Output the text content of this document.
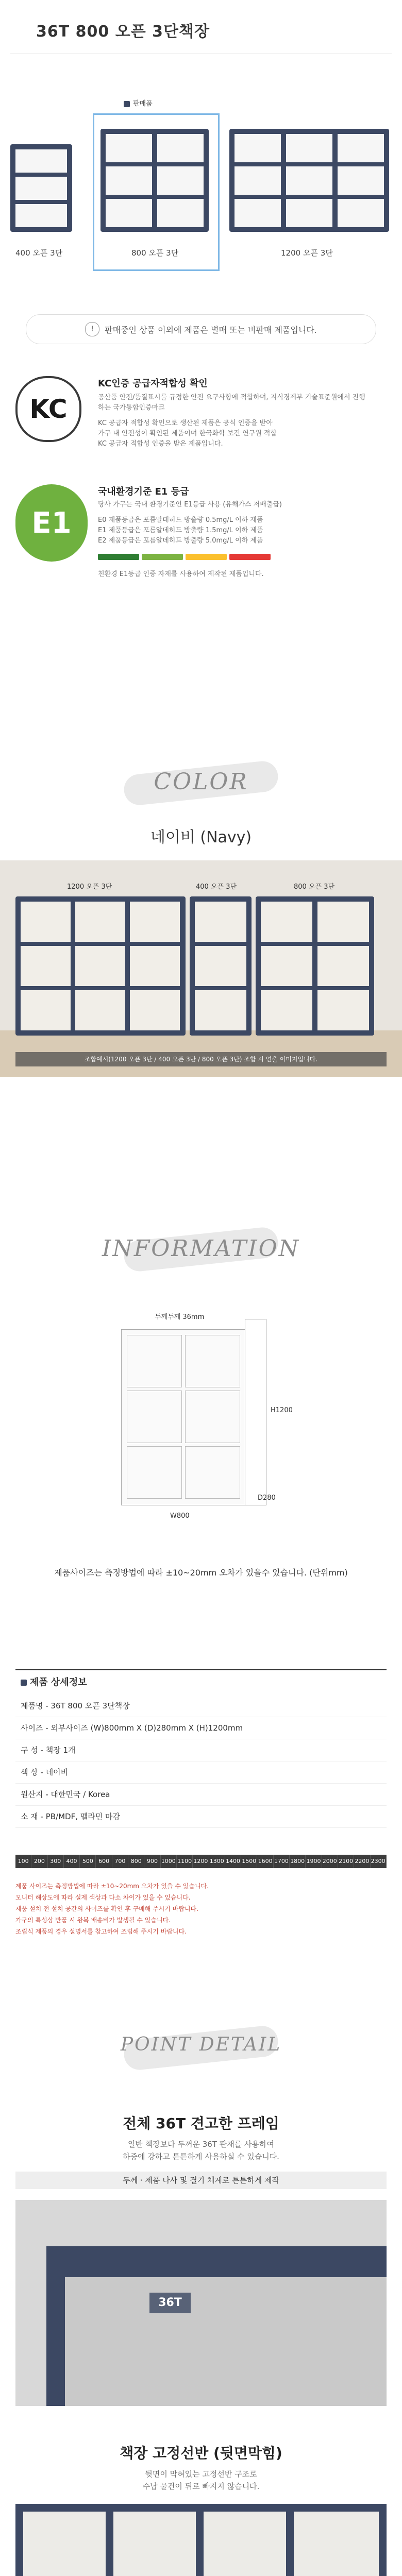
36T 800 오픈 3단책장
판매품
400 오픈 3단	800 오픈 3단	1200 오픈 3단
!	판매중인 상품 이외에 제품은 별매 또는 비판매 제품입니다.
KC
KC인증 공급자적합성 확인

공산품 안전/품질표시를 규정한 안전 요구사항에 적합하며, 지식경제부 기술표준원에서 진행하는 국가통합인증마크

KC 공급자 적합성 확인으로 생산된 제품은 공식 인증을 받아

가구 내 안전성이 확인된 제품이며 한국화학 보건 연구원 적합

KC 공급자 적합성 인증을 받은 제품입니다.

E1
국내환경기준 E1 등급

당사 가구는 국내 환경기준인 E1등급 사용 (유해가스 저배출급)

E0 제품등급은 포름알데히드 방출량 0.5mg/L 이하 제품

E1 제품등급은 포름알데히드 방출량 1.5mg/L 이하 제품

E2 제품등급은 포름알데히드 방출량 5.0mg/L 이하 제품

친환경 E1등급 인증 자재를 사용하여 제작된 제품입니다.

COLOR
네이비 (Navy)
1200 오픈 3단	400 오픈 3단	800 오픈 3단
조합예시(1200 오픈 3단 / 400 오픈 3단 / 800 오픈 3단) 조합 시 연출 이미지입니다.
INFORMATION
두께두께 36mm
H1200
D280
W800
제품사이즈는 측정방법에 따라 ±10~20mm 오차가 있을수 있습니다. (단위mm)
제품 상세정보
제품명 - 36T 800 오픈 3단책장
사이즈 - 외부사이즈 (W)800mm X (D)280mm X (H)1200mm
구 성 - 책장 1개
색 상 - 네이비
원산지 - 대한민국 / Korea
소 재 - PB/MDF, 멜라민 마감
100 200 300 400 500 600 700 800 900 1000 1100 1200 1300 1400 1500 1600 1700 1800 1900 2000 2100 2200 2300
제품 사이즈는 측정방법에 따라 ±10~20mm 오차가 있을 수 있습니다.
모니터 해상도에 따라 실제 색상과 다소 차이가 있을 수 있습니다.
제품 설치 전 설치 공간의 사이즈를 확인 후 구매해 주시기 바랍니다.
가구의 특성상 반품 시 왕복 배송비가 발생될 수 있습니다.
조립식 제품의 경우 설명서를 참고하여 조립해 주시기 바랍니다.
POINT DETAIL
전체 36T 견고한 프레임
일반 책장보다 두꺼운 36T 판재를 사용하여
하중에 강하고 튼튼하게 사용하실 수 있습니다.
두께 · 제품 나사 및 결기 체계로 튼튼하게 제작
36T
책장 고정선반 (뒷면막힘)
뒷면이 막혀있는 고정선반 구조로
수납 물건이 뒤로 빠지지 않습니다.
